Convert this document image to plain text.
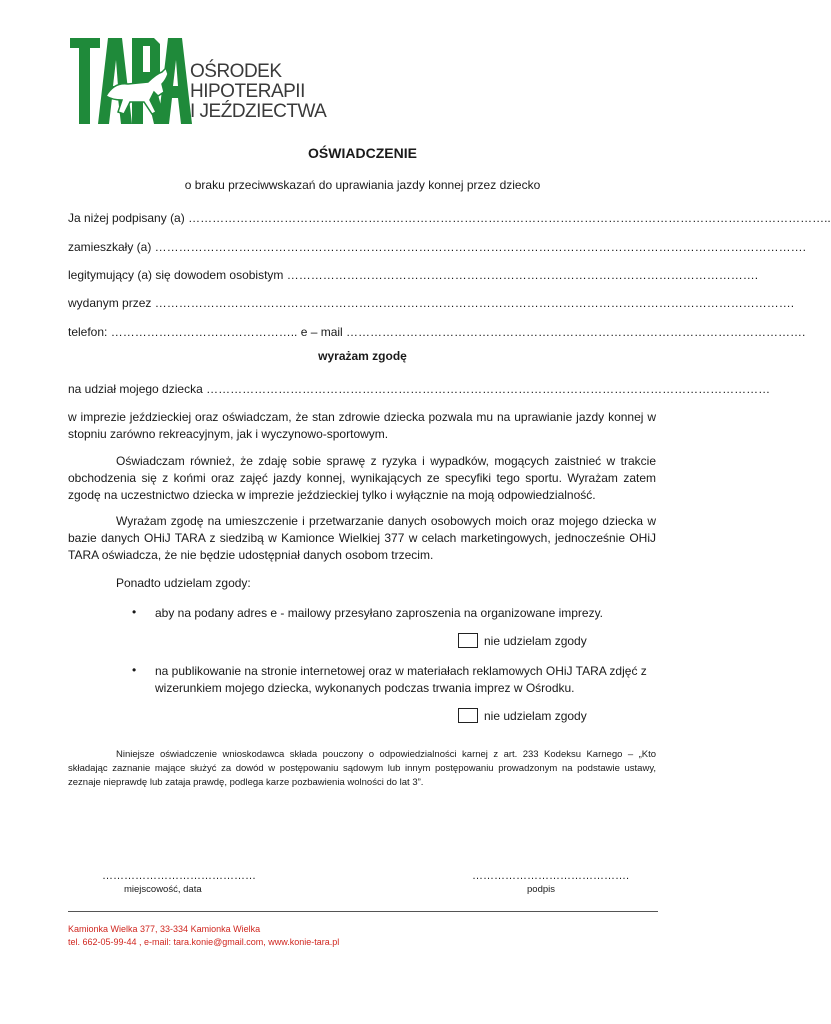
OŚRODEK
HIPOTERAPII
I JEŹDZIECTWA
OŚWIADCZENIE
o braku przeciwwskazań do uprawiania jazdy konnej przez dziecko
Ja niżej podpisany (a) ……………………………………………………………………………………………………………………………………………..
zamieszkały (a) ……………………………………………………………………………………………………………………………………………….
legitymujący (a) się dowodem osobistym ……………………………………………………………………………………………………….
wydanym przez …………………………………………………………………………………………………………………………………………….
telefon: ……………………………………….. e – mail …………………………………………………………………………………………………….
wyrażam zgodę
na udział mojego dziecka ……………………………………………………………………………………………………………………………
w imprezie jeździeckiej oraz oświadczam, że stan zdrowie dziecka pozwala mu na uprawianie jazdy konnej w stopniu zarówno rekreacyjnym, jak i wyczynowo-sportowym.
Oświadczam również, że zdaję sobie sprawę z ryzyka i wypadków, mogących zaistnieć w trakcie obchodzenia się z końmi oraz zajęć jazdy konnej, wynikających ze specyfiki tego sportu. Wyrażam zatem zgodę na uczestnictwo dziecka w imprezie jeździeckiej tylko i wyłącznie na moją odpowiedzialność.
Wyrażam zgodę na umieszczenie i przetwarzanie danych osobowych moich oraz mojego dziecka w bazie danych OHiJ TARA z siedzibą w Kamionce Wielkiej 377 w celach marketingowych, jednocześnie OHiJ TARA oświadcza, że nie będzie udostępniał danych osobom trzecim.
Ponadto udzielam zgody:
• aby na podany adres e - mailowy przesyłano zaproszenia na organizowane imprezy.
nie udzielam zgody
• na publikowanie na stronie internetowej oraz w materiałach reklamowych OHiJ TARA zdjęć z wizerunkiem mojego dziecka, wykonanych podczas trwania imprez w Ośrodku.
nie udzielam zgody
Niniejsze oświadczenie wnioskodawca składa pouczony o odpowiedzialności karnej z art. 233 Kodeksu Karnego – „Kto składając zaznanie mające służyć za dowód w postępowaniu sądowym lub innym postępowaniu prowadzonym na podstawie ustawy, zeznaje nieprawdę lub zataja prawdę, podlega karze pozbawienia wolności do lat 3”.
……………………………………
miejscowość, data
…………………………………….
podpis
Kamionka Wielka 377, 33-334 Kamionka Wielka
tel. 662-05-99-44 , e-mail: tara.konie@gmail.com, www.konie-tara.pl
